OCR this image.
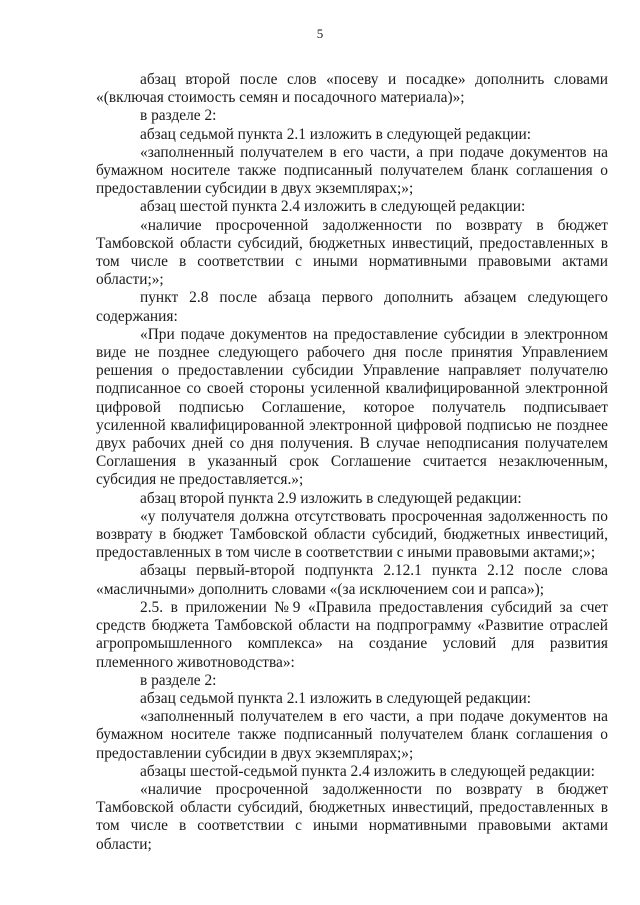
5

абзац второй после слов «посеву и посадке» дополнить словами «(включая стоимость семян и посадочного материала)»;

в разделе 2:

абзац седьмой пункта 2.1 изложить в следующей редакции:

«заполненный получателем в его части, а при подаче документов на бумажном носителе также подписанный получателем бланк соглашения о предоставлении субсидии в двух экземплярах;»;

абзац шестой пункта 2.4 изложить в следующей редакции:

«наличие просроченной задолженности по возврату в бюджет Тамбовской области субсидий, бюджетных инвестиций, предоставленных в том числе в соответствии с иными нормативными правовыми актами области;»;

пункт 2.8 после абзаца первого дополнить абзацем следующего содержания:

«При подаче документов на предоставление субсидии в электронном виде не позднее следующего рабочего дня после принятия Управлением решения о предоставлении субсидии Управление направляет получателю подписанное со своей стороны усиленной квалифицированной электронной цифровой подписью Соглашение, которое получатель подписывает усиленной квалифицированной электронной цифровой подписью не позднее двух рабочих дней со дня получения. В случае неподписания получателем Соглашения в указанный срок Соглашение считается незаключенным, субсидия не предоставляется.»;

абзац второй пункта 2.9 изложить в следующей редакции:

«у получателя должна отсутствовать просроченная задолженность по возврату в бюджет Тамбовской области субсидий, бюджетных инвестиций, предоставленных в том числе в соответствии с иными правовыми актами;»;

абзацы первый-второй подпункта 2.12.1 пункта 2.12 после слова «масличными» дополнить словами «(за исключением сои и рапса»);

2.5. в приложении №9 «Правила предоставления субсидий за счет средств бюджета Тамбовской области на подпрограмму «Развитие отраслей агропромышленного комплекса» на создание условий для развития племенного животноводства»:

в разделе 2:

абзац седьмой пункта 2.1 изложить в следующей редакции:

«заполненный получателем в его части, а при подаче документов на бумажном носителе также подписанный получателем бланк соглашения о предоставлении субсидии в двух экземплярах;»;

абзацы шестой-седьмой пункта 2.4 изложить в следующей редакции:

«наличие просроченной задолженности по возврату в бюджет Тамбовской области субсидий, бюджетных инвестиций, предоставленных в том числе в соответствии с иными нормативными правовыми актами области;
